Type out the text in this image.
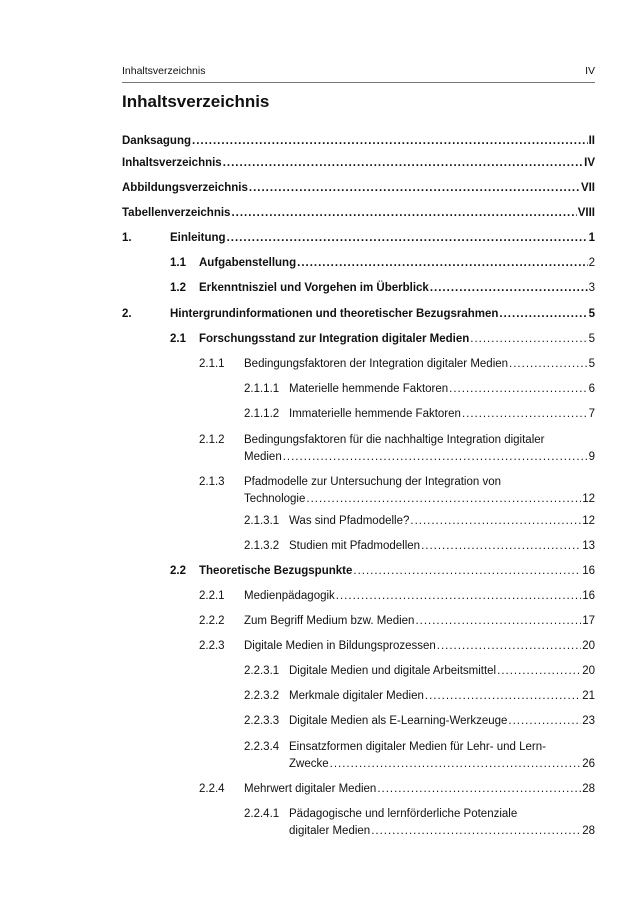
Inhaltsverzeichnis	IV
Inhaltsverzeichnis
Danksagung .....	II
Inhaltsverzeichnis .....	IV
Abbildungsverzeichnis .....	VII
Tabellenverzeichnis .....	VIII
1.	Einleitung .....	1
1.1 Aufgabenstellung .....	2
1.2 Erkenntnisziel und Vorgehen im Überblick .....	3
2.	Hintergrundinformationen und theoretischer Bezugsrahmen .....	5
2.1 Forschungsstand zur Integration digitaler Medien .....	5
2.1.1 Bedingungsfaktoren der Integration digitaler Medien .....	5
2.1.1.1 Materielle hemmende Faktoren .....	6
2.1.1.2 Immaterielle hemmende Faktoren .....	7
2.1.2 Bedingungsfaktoren für die nachhaltige Integration digitaler
Medien .....	9
2.1.3 Pfadmodelle zur Untersuchung der Integration von
Technologie .....	12
2.1.3.1 Was sind Pfadmodelle? .....	12
2.1.3.2 Studien mit Pfadmodellen .....	13
2.2 Theoretische Bezugspunkte .....	16
2.2.1 Medienpädagogik .....	16
2.2.2 Zum Begriff Medium bzw. Medien .....	17
2.2.3 Digitale Medien in Bildungsprozessen .....	20
2.2.3.1 Digitale Medien und digitale Arbeitsmittel .....	20
2.2.3.2 Merkmale digitaler Medien .....	21
2.2.3.3 Digitale Medien als E-Learning-Werkzeuge .....	23
2.2.3.4 Einsatzformen digitaler Medien für Lehr- und Lern-
Zwecke .....	26
2.2.4 Mehrwert digitaler Medien .....	28
2.2.4.1 Pädagogische und lernförderliche Potenziale
digitaler Medien .....	28
